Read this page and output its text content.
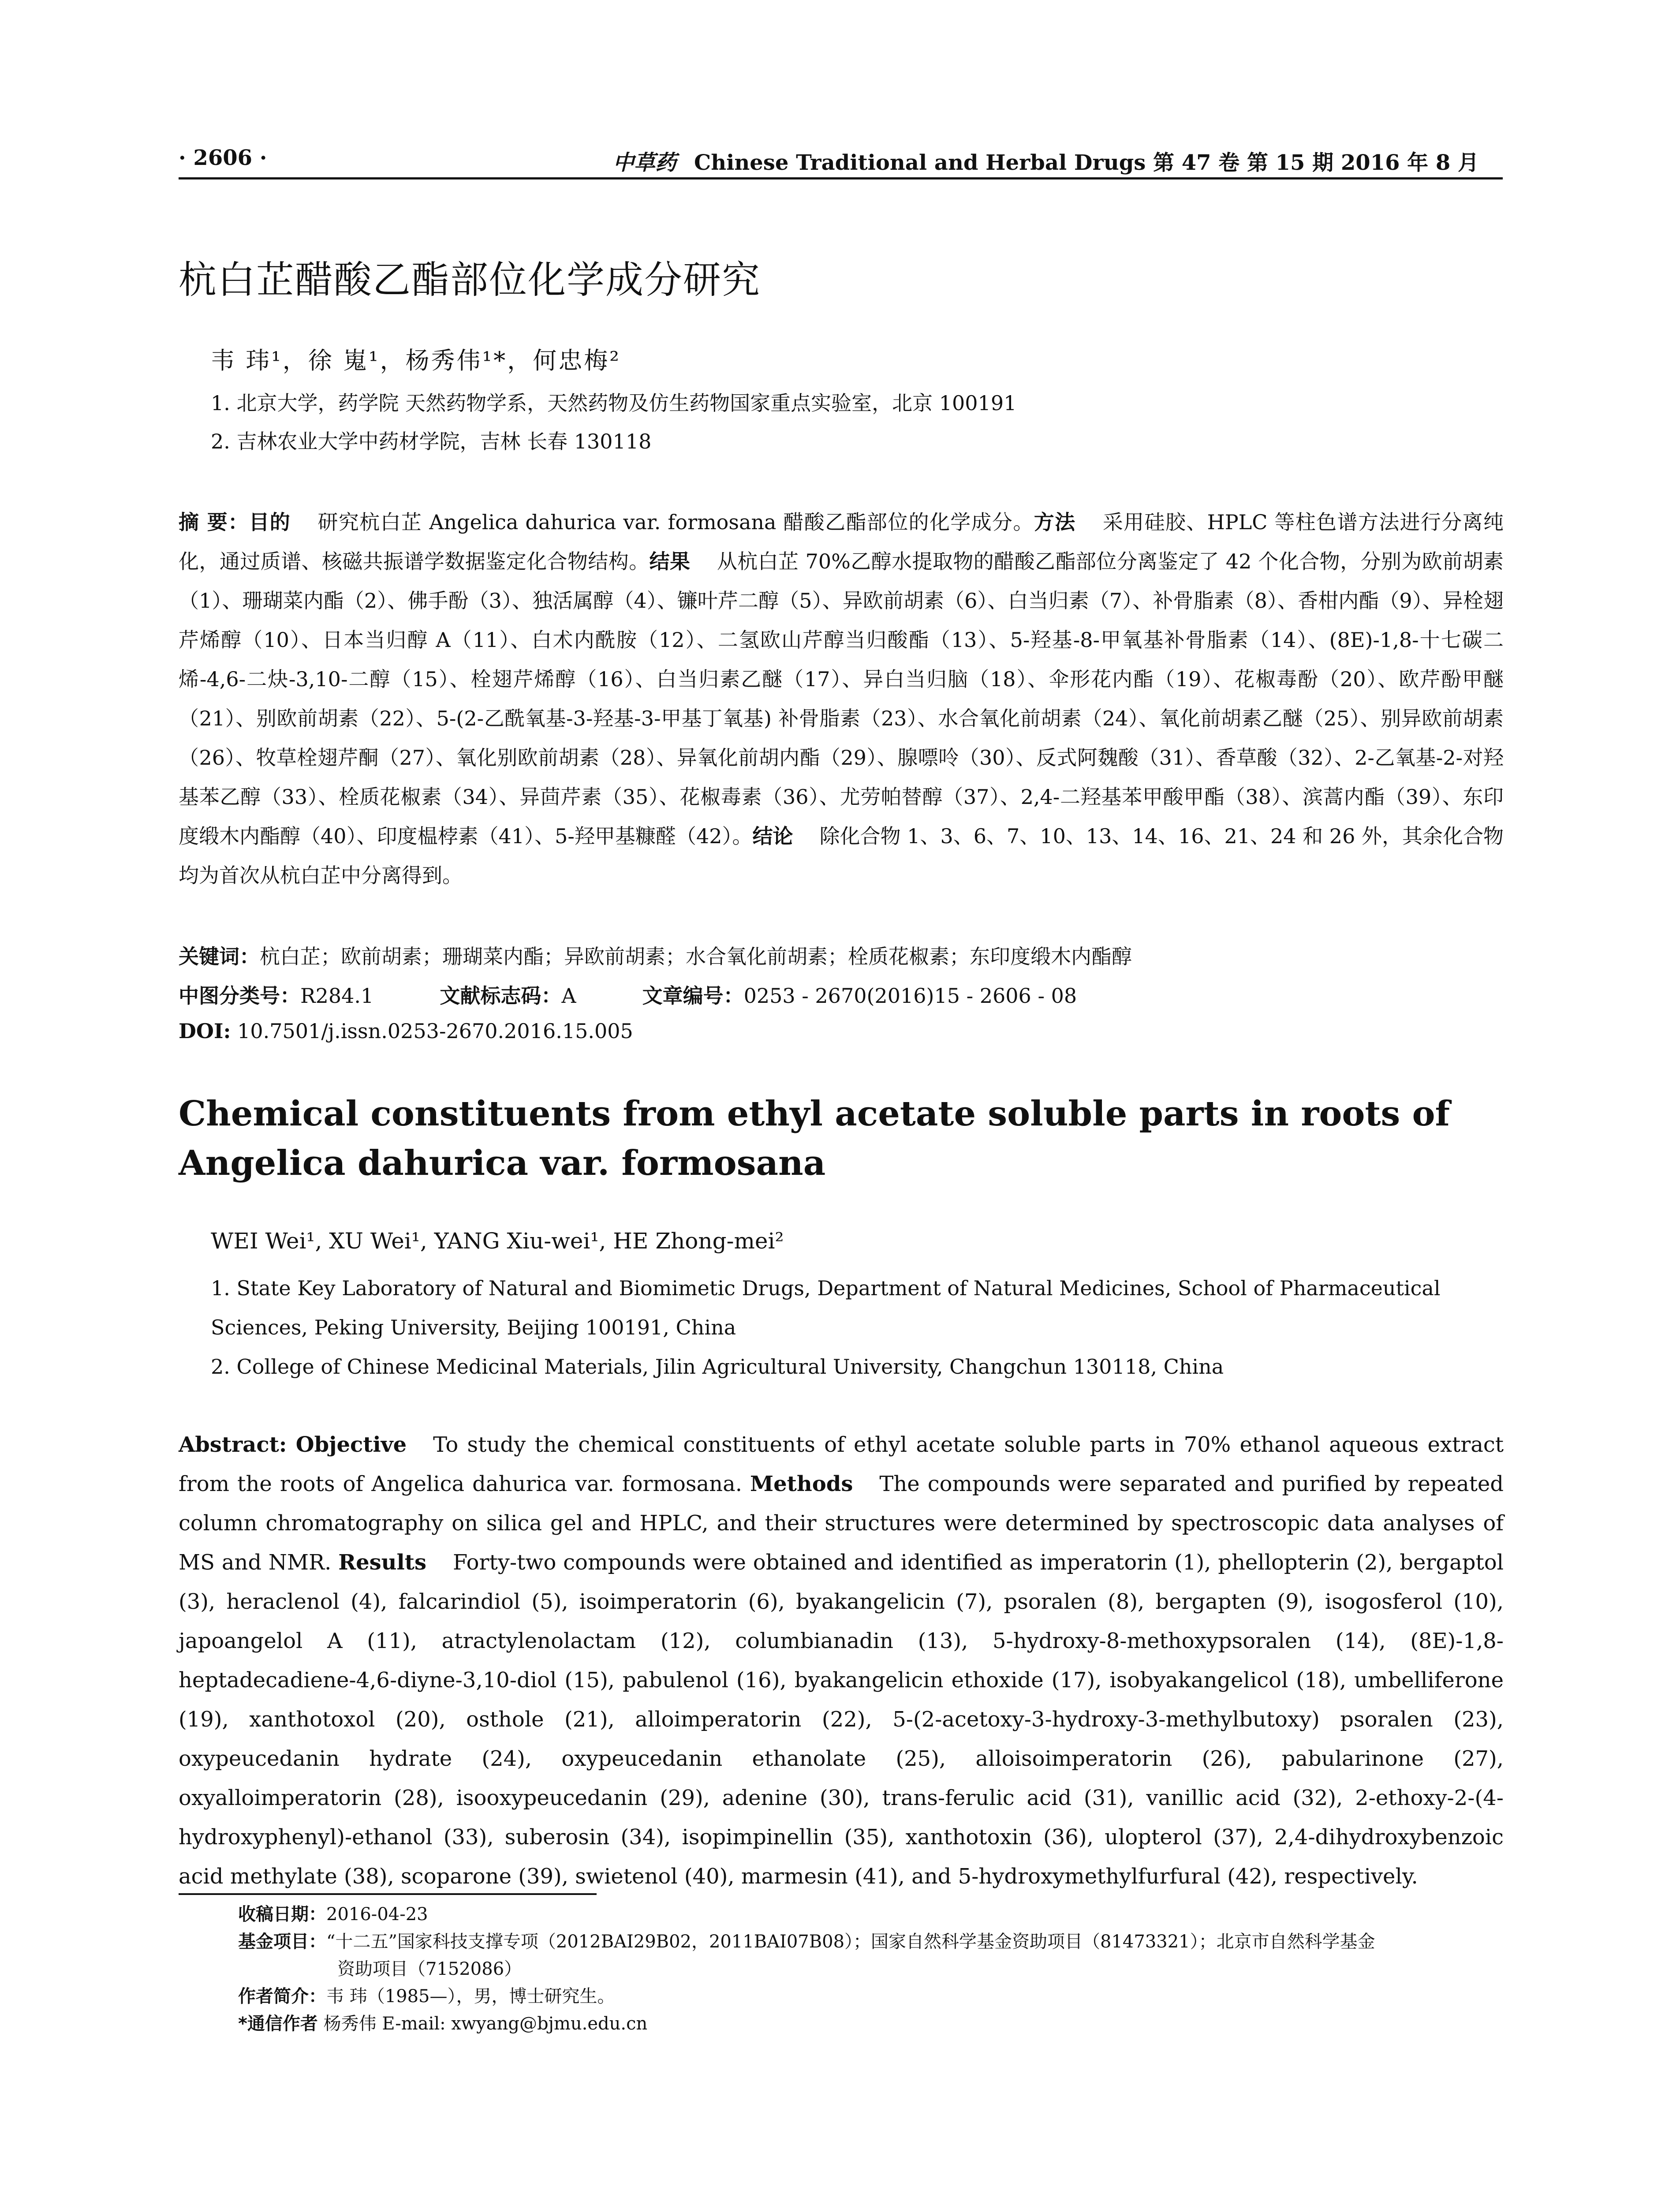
· 2606 ·	中草药 Chinese Traditional and Herbal Drugs 第 47 卷 第 15 期 2016 年 8 月
杭白芷醋酸乙酯部位化学成分研究
韦 玮¹，徐 嵬¹，杨秀伟¹*，何忠梅²
1. 北京大学，药学院 天然药物学系，天然药物及仿生药物国家重点实验室，北京 100191
2. 吉林农业大学中药材学院，吉林 长春 130118
摘 要：目的 研究杭白芷 Angelica dahurica var. formosana 醋酸乙酯部位的化学成分。方法 采用硅胶、HPLC 等柱色谱方法进行分离纯化，通过质谱、核磁共振谱学数据鉴定化合物结构。结果 从杭白芷 70%乙醇水提取物的醋酸乙酯部位分离鉴定了 42 个化合物，分别为欧前胡素（1）、珊瑚菜内酯（2）、佛手酚（3）、独活属醇（4）、镰叶芹二醇（5）、异欧前胡素（6）、白当归素（7）、补骨脂素（8）、香柑内酯（9）、异栓翅芹烯醇（10）、日本当归醇 A（11）、白术内酰胺（12）、二氢欧山芹醇当归酸酯（13）、5-羟基-8-甲氧基补骨脂素（14）、(8E)-1,8-十七碳二烯-4,6-二炔-3,10-二醇（15）、栓翅芹烯醇（16）、白当归素乙醚（17）、异白当归脑（18）、伞形花内酯（19）、花椒毒酚（20）、欧芹酚甲醚（21）、别欧前胡素（22）、5-(2-乙酰氧基-3-羟基-3-甲基丁氧基) 补骨脂素（23）、水合氧化前胡素（24）、氧化前胡素乙醚（25）、别异欧前胡素（26）、牧草栓翅芹酮（27）、氧化别欧前胡素（28）、异氧化前胡内酯（29）、腺嘌呤（30）、反式阿魏酸（31）、香草酸（32）、2-乙氧基-2-对羟基苯乙醇（33）、栓质花椒素（34）、异茴芹素（35）、花椒毒素（36）、尤劳帕替醇（37）、2,4-二羟基苯甲酸甲酯（38）、滨蒿内酯（39）、东印度缎木内酯醇（40）、印度榅桲素（41）、5-羟甲基糠醛（42）。结论 除化合物 1、3、6、7、10、13、14、16、21、24 和 26 外，其余化合物均为首次从杭白芷中分离得到。
关键词：杭白芷；欧前胡素；珊瑚菜内酯；异欧前胡素；水合氧化前胡素；栓质花椒素；东印度缎木内酯醇
中图分类号：R284.1	文献标志码：A	文章编号：0253 - 2670(2016)15 - 2606 - 08
DOI: 10.7501/j.issn.0253-2670.2016.15.005
Chemical constituents from ethyl acetate soluble parts in roots of Angelica dahurica var. formosana
WEI Wei¹, XU Wei¹, YANG Xiu-wei¹, HE Zhong-mei²
1. State Key Laboratory of Natural and Biomimetic Drugs, Department of Natural Medicines, School of Pharmaceutical Sciences, Peking University, Beijing 100191, China
2. College of Chinese Medicinal Materials, Jilin Agricultural University, Changchun 130118, China
Abstract: Objective To study the chemical constituents of ethyl acetate soluble parts in 70% ethanol aqueous extract from the roots of Angelica dahurica var. formosana. Methods The compounds were separated and purified by repeated column chromatography on silica gel and HPLC, and their structures were determined by spectroscopic data analyses of MS and NMR. Results Forty-two compounds were obtained and identified as imperatorin (1), phellopterin (2), bergaptol (3), heraclenol (4), falcarindiol (5), isoimperatorin (6), byakangelicin (7), psoralen (8), bergapten (9), isogosferol (10), japoangelol A (11), atractylenolactam (12), columbianadin (13), 5-hydroxy-8-methoxypsoralen (14), (8E)-1,8-heptadecadiene-4,6-diyne-3,10-diol (15), pabulenol (16), byakangelicin ethoxide (17), isobyakangelicol (18), umbelliferone (19), xanthotoxol (20), osthole (21), alloimperatorin (22), 5-(2-acetoxy-3-hydroxy-3-methylbutoxy) psoralen (23), oxypeucedanin hydrate (24), oxypeucedanin ethanolate (25), alloisoimperatorin (26), pabularinone (27), oxyalloimperatorin (28), isooxypeucedanin (29), adenine (30), trans-ferulic acid (31), vanillic acid (32), 2-ethoxy-2-(4-hydroxyphenyl)-ethanol (33), suberosin (34), isopimpinellin (35), xanthotoxin (36), ulopterol (37), 2,4-dihydroxybenzoic acid methylate (38), scoparone (39), swietenol (40), marmesin (41), and 5-hydroxymethylfurfural (42), respectively.
收稿日期：2016-04-23
基金项目：“十二五”国家科技支撑专项（2012BAI29B02，2011BAI07B08）；国家自然科学基金资助项目（81473321）；北京市自然科学基金
资助项目（7152086）
作者简介：韦 玮（1985—），男，博士研究生。
*通信作者 杨秀伟 E-mail: xwyang@bjmu.edu.cn
